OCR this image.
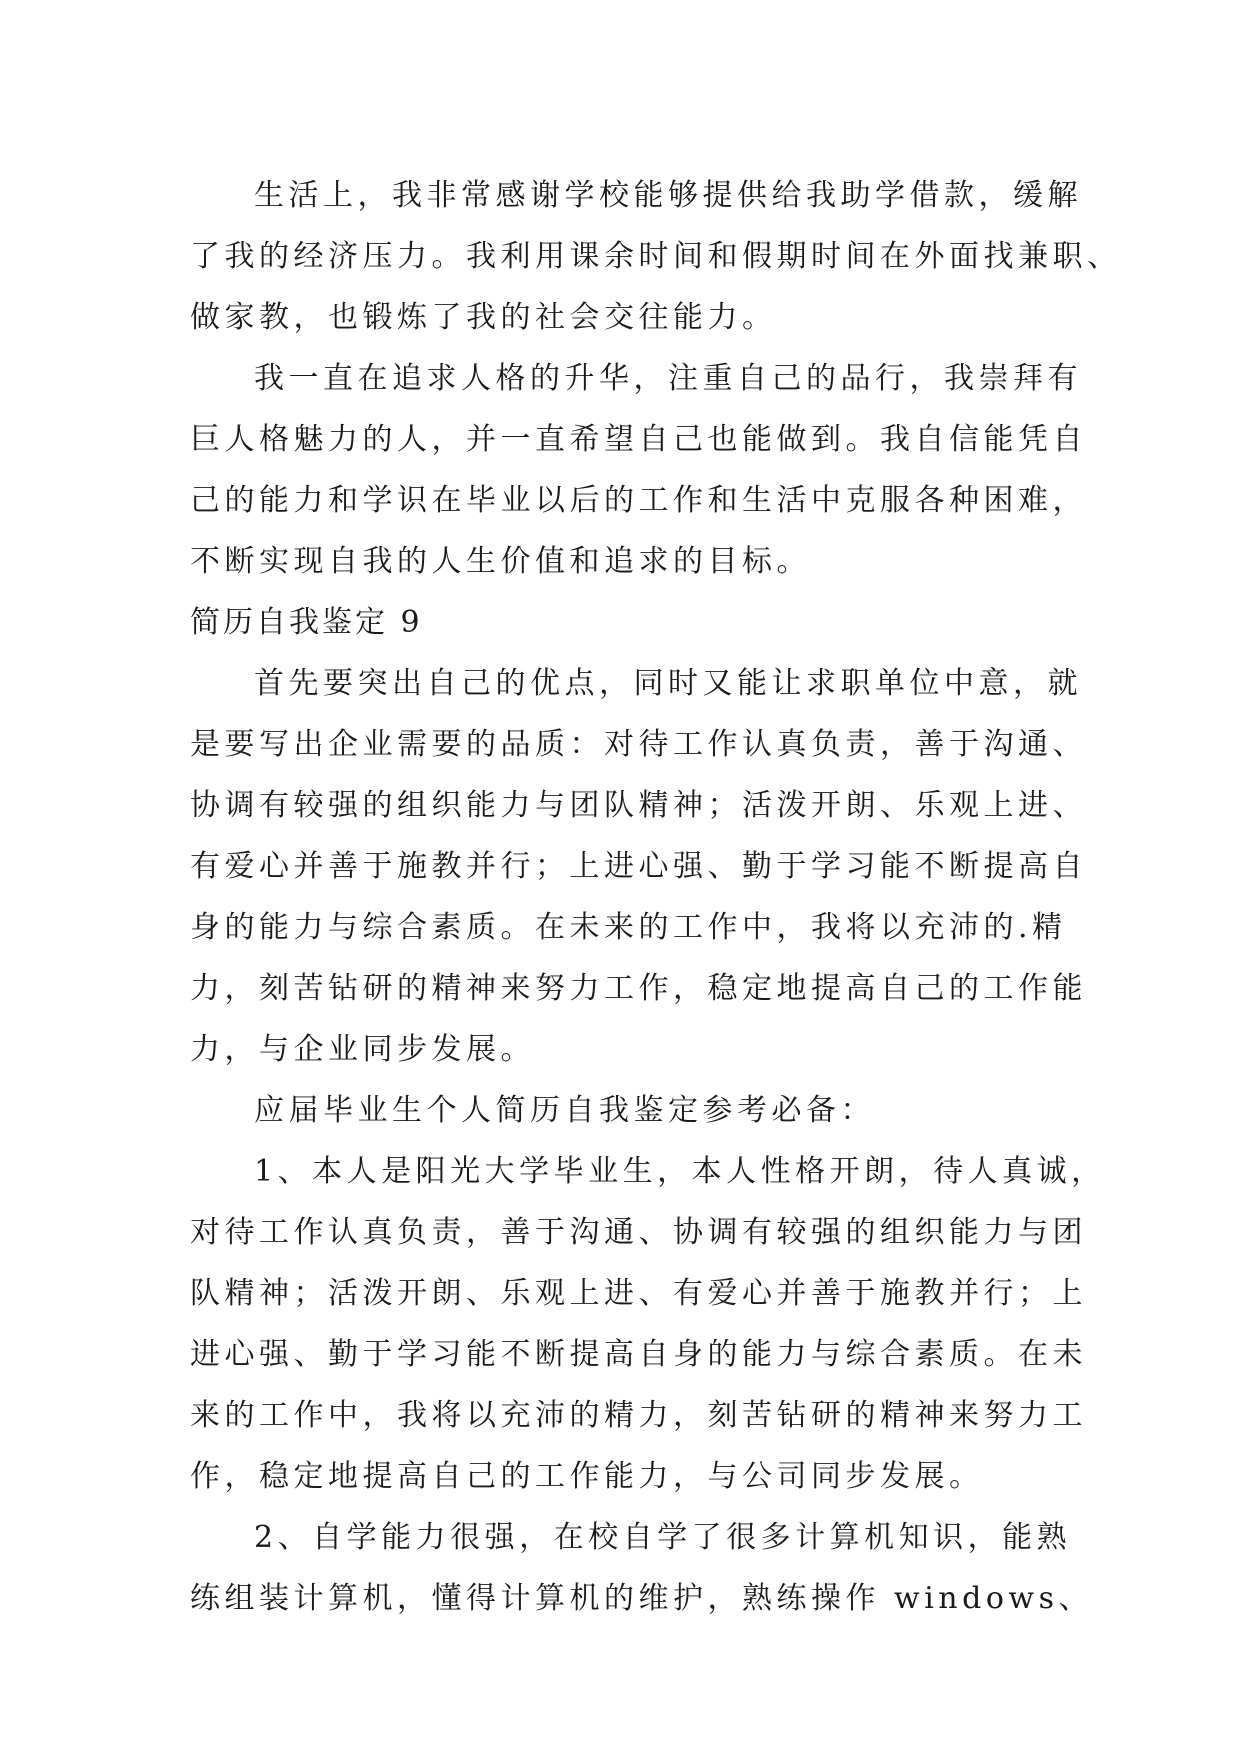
生活上，我非常感谢学校能够提供给我助学借款，缓解
了我的经济压力。我利用课余时间和假期时间在外面找兼职、
做家教，也锻炼了我的社会交往能力。
我一直在追求人格的升华，注重自己的品行，我崇拜有
巨人格魅力的人，并一直希望自己也能做到。我自信能凭自
己的能力和学识在毕业以后的工作和生活中克服各种困难，
不断实现自我的人生价值和追求的目标。
简历自我鉴定 9
首先要突出自己的优点，同时又能让求职单位中意，就
是要写出企业需要的品质：对待工作认真负责，善于沟通、
协调有较强的组织能力与团队精神；活泼开朗、乐观上进、
有爱心并善于施教并行；上进心强、勤于学习能不断提高自
身的能力与综合素质。在未来的工作中，我将以充沛的.精
力，刻苦钻研的精神来努力工作，稳定地提高自己的工作能
力，与企业同步发展。
应届毕业生个人简历自我鉴定参考必备：
1、本人是阳光大学毕业生，本人性格开朗，待人真诚，
对待工作认真负责，善于沟通、协调有较强的组织能力与团
队精神；活泼开朗、乐观上进、有爱心并善于施教并行；上
进心强、勤于学习能不断提高自身的能力与综合素质。在未
来的工作中，我将以充沛的精力，刻苦钻研的精神来努力工
作，稳定地提高自己的工作能力，与公司同步发展。
2、自学能力很强，在校自学了很多计算机知识，能熟
练组装计算机，懂得计算机的维护，熟练操作 windows、
